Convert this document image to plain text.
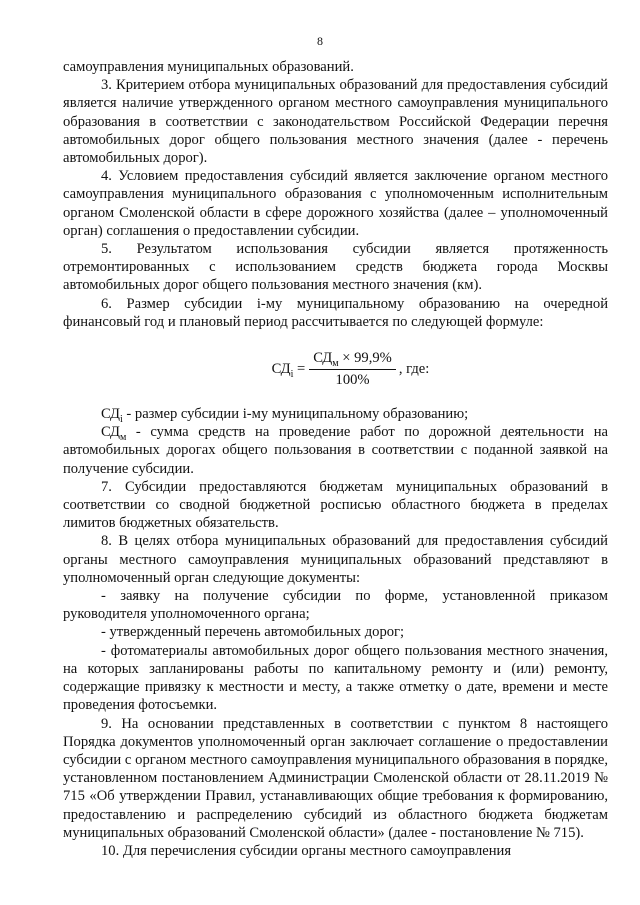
8

самоуправления муниципальных образований.

3. Критерием отбора муниципальных образований для предоставления субсидий является наличие утвержденного органом местного самоуправления муниципального образования в соответствии с законодательством Российской Федерации перечня автомобильных дорог общего пользования местного значения (далее - перечень автомобильных дорог).

4. Условием предоставления субсидий является заключение органом местного самоуправления муниципального образования с уполномоченным исполнительным органом Смоленской области в сфере дорожного хозяйства (далее – уполномоченный орган) соглашения о предоставлении субсидии.

5. Результатом использования субсидии является протяженность отремонтированных с использованием средств бюджета города Москвы автомобильных дорог общего пользования местного значения (км).

6. Размер субсидии i-му муниципальному образованию на очередной финансовый год и плановый период рассчитывается по следующей формуле:

$СД_i = \frac{СД_м \times 99,9\%}{100\%}$ , где:

$СД_i$ - размер субсидии i-му муниципальному образованию;

$СД_м$ - сумма средств на проведение работ по дорожной деятельности на автомобильных дорогах общего пользования в соответствии с поданной заявкой на получение субсидии.

7. Субсидии предоставляются бюджетам муниципальных образований в соответствии со сводной бюджетной росписью областного бюджета в пределах лимитов бюджетных обязательств.

8. В целях отбора муниципальных образований для предоставления субсидий органы местного самоуправления муниципальных образований представляют в уполномоченный орган следующие документы:

- заявку на получение субсидии по форме, установленной приказом руководителя уполномоченного органа;

- утвержденный перечень автомобильных дорог;

- фотоматериалы автомобильных дорог общего пользования местного значения, на которых запланированы работы по капитальному ремонту и (или) ремонту, содержащие привязку к местности и месту, а также отметку о дате, времени и месте проведения фотосъемки.

9. На основании представленных в соответствии с пунктом 8 настоящего Порядка документов уполномоченный орган заключает соглашение о предоставлении субсидии с органом местного самоуправления муниципального образования в порядке, установленном постановлением Администрации Смоленской области от 28.11.2019 № 715 «Об утверждении Правил, устанавливающих общие требования к формированию, предоставлению и распределению субсидий из областного бюджета бюджетам муниципальных образований Смоленской области» (далее - постановление № 715).

10. Для перечисления субсидии органы местного самоуправления
